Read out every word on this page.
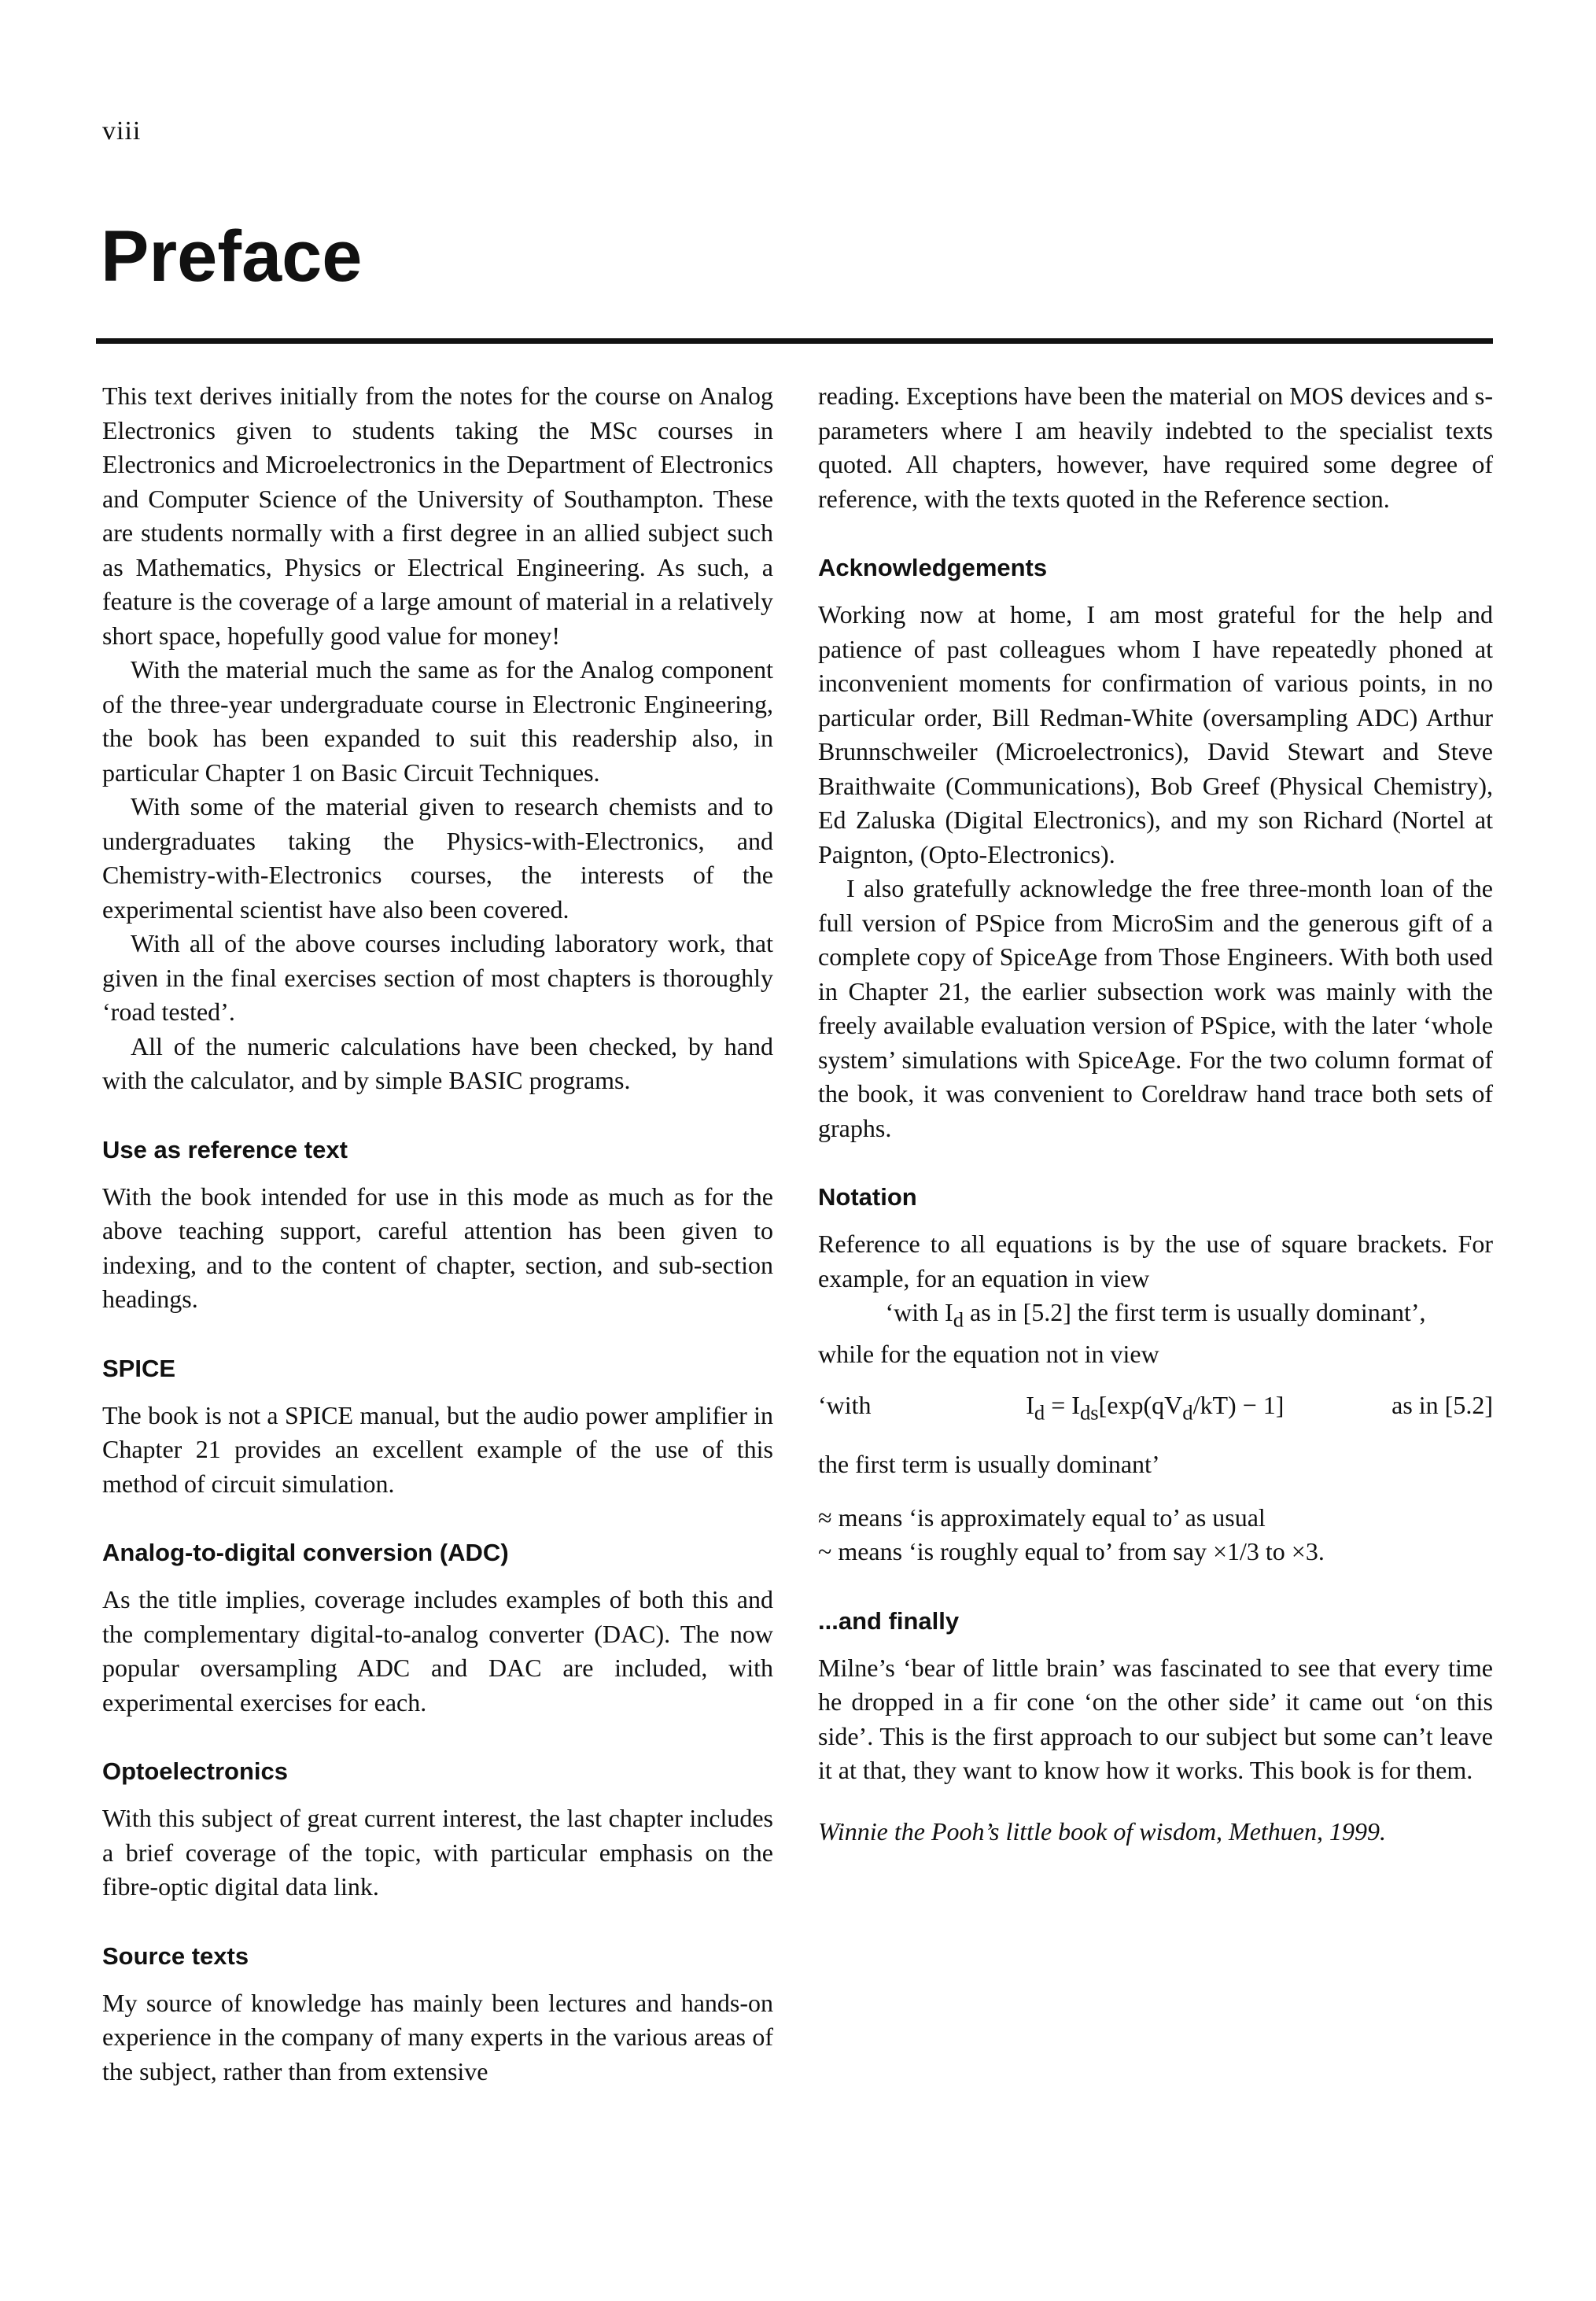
viii
Preface

This text derives initially from the notes for the course on Analog Electronics given to students taking the MSc courses in Electronics and Microelectronics in the Department of Electronics and Computer Science of the University of Southampton. These are students normally with a first degree in an allied subject such as Mathematics, Physics or Electrical Engineering. As such, a feature is the coverage of a large amount of material in a relatively short space, hopefully good value for money!

With the material much the same as for the Analog component of the three-year undergraduate course in Electronic Engineering, the book has been expanded to suit this readership also, in particular Chapter 1 on Basic Circuit Techniques.

With some of the material given to research chemists and to undergraduates taking the Physics-with-Electronics, and Chemistry-with-Electronics courses, the interests of the experimental scientist have also been covered.

With all of the above courses including laboratory work, that given in the final exercises section of most chapters is thoroughly ‘road tested’.

All of the numeric calculations have been checked, by hand with the calculator, and by simple BASIC programs.

Use as reference text

With the book intended for use in this mode as much as for the above teaching support, careful attention has been given to indexing, and to the content of chapter, section, and sub-section headings.

SPICE

The book is not a SPICE manual, but the audio power amplifier in Chapter 21 provides an excellent example of the use of this method of circuit simulation.

Analog-to-digital conversion (ADC)

As the title implies, coverage includes examples of both this and the complementary digital-to-analog converter (DAC). The now popular oversampling ADC and DAC are included, with experimental exercises for each.

Optoelectronics

With this subject of great current interest, the last chapter includes a brief coverage of the topic, with particular emphasis on the fibre-optic digital data link.

Source texts

My source of knowledge has mainly been lectures and hands-on experience in the company of many experts in the various areas of the subject, rather than from extensive

reading. Exceptions have been the material on MOS devices and s-parameters where I am heavily indebted to the specialist texts quoted. All chapters, however, have required some degree of reference, with the texts quoted in the Reference section.

Acknowledgements

Working now at home, I am most grateful for the help and patience of past colleagues whom I have repeatedly phoned at inconvenient moments for confirmation of various points, in no particular order, Bill Redman-White (oversampling ADC) Arthur Brunnschweiler (Microelectronics), David Stewart and Steve Braithwaite (Communications), Bob Greef (Physical Chemistry), Ed Zaluska (Digital Electronics), and my son Richard (Nortel at Paignton, (Opto-Electronics).

I also gratefully acknowledge the free three-month loan of the full version of PSpice from MicroSim and the generous gift of a complete copy of SpiceAge from Those Engineers. With both used in Chapter 21, the earlier subsection work was mainly with the freely available evaluation version of PSpice, with the later ‘whole system’ simulations with SpiceAge. For the two column format of the book, it was convenient to Coreldraw hand trace both sets of graphs.

Notation

Reference to all equations is by the use of square brackets. For example, for an equation in view

‘with $I_d$ as in [5.2] the first term is usually dominant’,

while for the equation not in view

‘with	$I_d = I_{ds}[\exp(qV_d/kT) - 1]$	as in [5.2]

the first term is usually dominant’

≈ means ‘is approximately equal to’ as usual

~ means ‘is roughly equal to’ from say ×1/3 to ×3.

...and finally

Milne’s ‘bear of little brain’ was fascinated to see that every time he dropped in a fir cone ‘on the other side’ it came out ‘on this side’. This is the first approach to our subject but some can’t leave it at that, they want to know how it works. This book is for them.

Winnie the Pooh’s little book of wisdom, Methuen, 1999.
